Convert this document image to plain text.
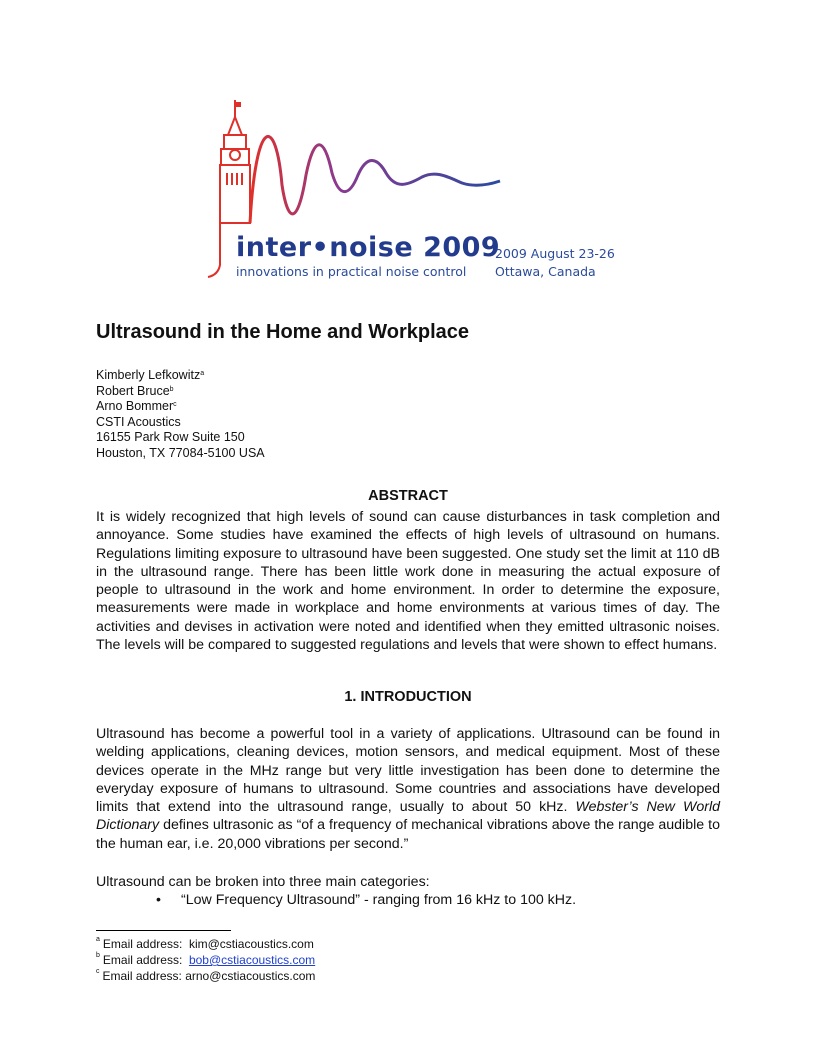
inter•noise 2009
innovations in practical noise control
2009 August 23-26
Ottawa, Canada
Ultrasound in the Home and Workplace
Kimberly Lefkowitz$^a$
Robert Bruce$^b$
Arno Bommer$^c$
CSTI Acoustics
16155 Park Row Suite 150
Houston, TX 77084-5100 USA
ABSTRACT

It is widely recognized that high levels of sound can cause disturbances in task completion and annoyance. Some studies have examined the effects of high levels of ultrasound on humans. Regulations limiting exposure to ultrasound have been suggested. One study set the limit at 110 dB in the ultrasound range. There has been little work done in measuring the actual exposure of people to ultrasound in the work and home environment. In order to determine the exposure, measurements were made in workplace and home environments at various times of day. The activities and devises in activation were noted and identified when they emitted ultrasonic noises. The levels will be compared to suggested regulations and levels that were shown to effect humans.

1. INTRODUCTION

Ultrasound has become a powerful tool in a variety of applications. Ultrasound can be found in welding applications, cleaning devices, motion sensors, and medical equipment. Most of these devices operate in the MHz range but very little investigation has been done to determine the everyday exposure of humans to ultrasound. Some countries and associations have developed limits that extend into the ultrasound range, usually to about 50 kHz. Webster’s New World Dictionary defines ultrasonic as “of a frequency of mechanical vibrations above the range audible to the human ear, i.e. 20,000 vibrations per second.”

Ultrasound can be broken into three main categories:

• “Low Frequency Ultrasound” - ranging from 16 kHz to 100 kHz.
$^a$ Email address:  kim@cstiacoustics.com
$^b$ Email address:  bob@cstiacoustics.com
$^c$ Email address: arno@cstiacoustics.com
